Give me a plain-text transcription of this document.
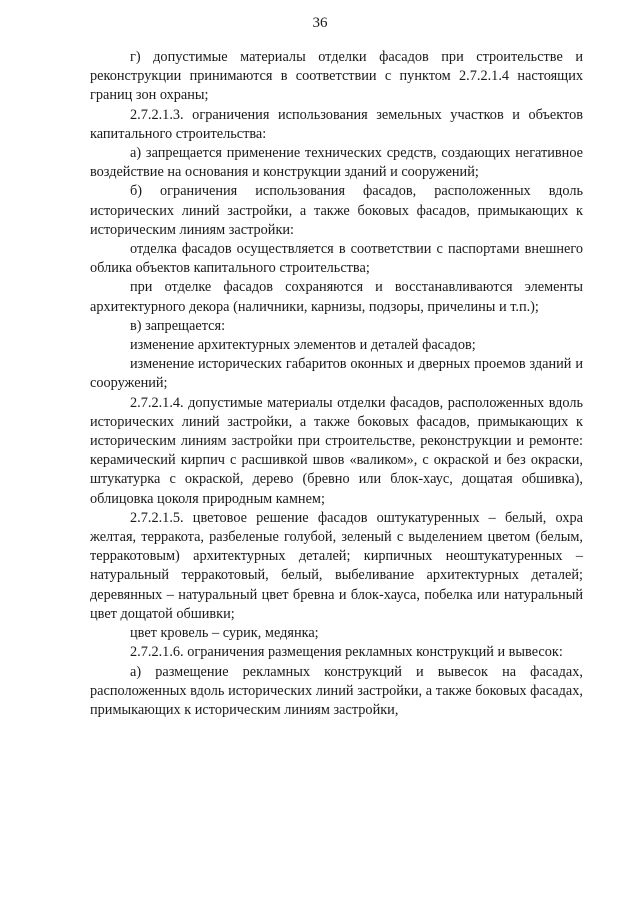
36

г) допустимые материалы отделки фасадов при строительстве и реконструкции принимаются в соответствии с пунктом 2.7.2.1.4 настоящих границ зон охраны;

2.7.2.1.3. ограничения использования земельных участков и объектов капитального строительства:

а) запрещается применение технических средств, создающих негативное воздействие на основания и конструкции зданий и сооружений;

б) ограничения использования фасадов, расположенных вдоль исторических линий застройки, а также боковых фасадов, примыкающих к историческим линиям застройки:

отделка фасадов осуществляется в соответствии с паспортами внешнего облика объектов капитального строительства;

при отделке фасадов сохраняются и восстанавливаются элементы архитектурного декора (наличники, карнизы, подзоры, причелины и т.п.);

в) запрещается:

изменение архитектурных элементов и деталей фасадов;

изменение исторических габаритов оконных и дверных проемов зданий и сооружений;

2.7.2.1.4. допустимые материалы отделки фасадов, расположенных вдоль исторических линий застройки, а также боковых фасадов, примыкающих к историческим линиям застройки при строительстве, реконструкции и ремонте: керамический кирпич с расшивкой швов «валиком», с окраской и без окраски, штукатурка с окраской, дерево (бревно или блок-хаус, дощатая обшивка), облицовка цоколя природным камнем;

2.7.2.1.5. цветовое решение фасадов оштукатуренных – белый, охра желтая, терракота, разбеленые голубой, зеленый с выделением цветом (белым, терракотовым) архитектурных деталей; кирпичных неоштукатуренных – натуральный терракотовый, белый, выбеливание архитектурных деталей; деревянных – натуральный цвет бревна и блок-хауса, побелка или натуральный цвет дощатой обшивки;

цвет кровель – сурик, медянка;

2.7.2.1.6. ограничения размещения рекламных конструкций и вывесок:

а) размещение рекламных конструкций и вывесок на фасадах, расположенных вдоль исторических линий застройки, а также боковых фасадах, примыкающих к историческим линиям застройки,
